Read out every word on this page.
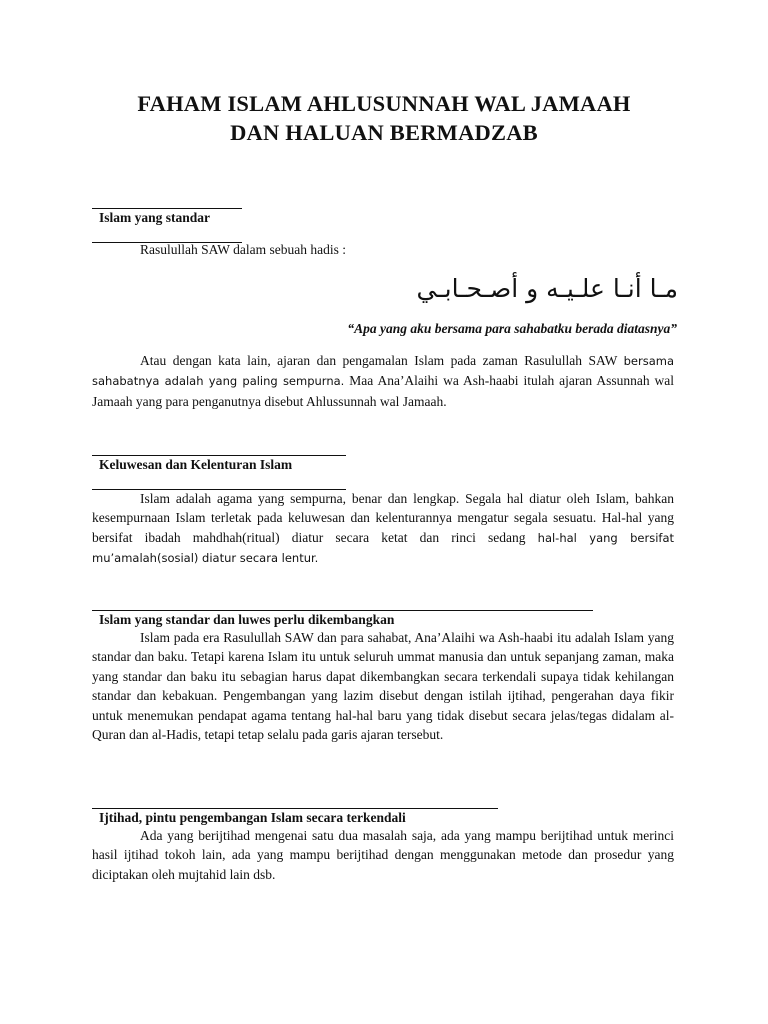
FAHAM ISLAM AHLUSUNNAH WAL JAMAAH
DAN HALUAN BERMADZAB
Islam yang standar
Rasulullah SAW dalam sebuah hadis :
مـا أنـا علـيـه و أصـحـابـي
“Apa yang aku bersama para sahabatku berada diatasnya”

Atau dengan kata lain, ajaran dan pengamalan Islam pada zaman Rasulullah SAW bersama sahabatnya adalah yang paling sempurna. Maa Ana’Alaihi wa Ash-haabi itulah ajaran Assunnah wal Jamaah yang para penganutnya disebut Ahlussunnah wal Jamaah.

Keluwesan dan Kelenturan Islam

Islam adalah agama yang sempurna, benar dan lengkap. Segala hal diatur oleh Islam, bahkan kesempurnaan Islam terletak pada keluwesan dan kelenturannya mengatur segala sesuatu. Hal-hal yang bersifat ibadah mahdhah(ritual) diatur secara ketat dan rinci sedang hal-hal yang bersifat mu’amalah(sosial) diatur secara lentur.

Islam yang standar dan luwes perlu dikembangkan

Islam pada era Rasulullah SAW dan para sahabat, Ana’Alaihi wa Ash-haabi itu adalah Islam yang standar dan baku. Tetapi karena Islam itu untuk seluruh ummat manusia dan untuk sepanjang zaman, maka yang standar dan baku itu sebagian harus dapat dikembangkan secara terkendali supaya tidak kehilangan standar dan kebakuan. Pengembangan yang lazim disebut dengan istilah ijtihad, pengerahan daya fikir untuk menemukan pendapat agama tentang hal-hal baru yang tidak disebut secara jelas/tegas didalam al-Quran dan al-Hadis, tetapi tetap selalu pada garis ajaran tersebut.

Ijtihad, pintu pengembangan Islam secara terkendali

Ada yang berijtihad mengenai satu dua masalah saja, ada yang mampu berijtihad untuk merinci hasil ijtihad tokoh lain, ada yang mampu berijtihad dengan menggunakan metode dan prosedur yang diciptakan oleh mujtahid lain dsb.
